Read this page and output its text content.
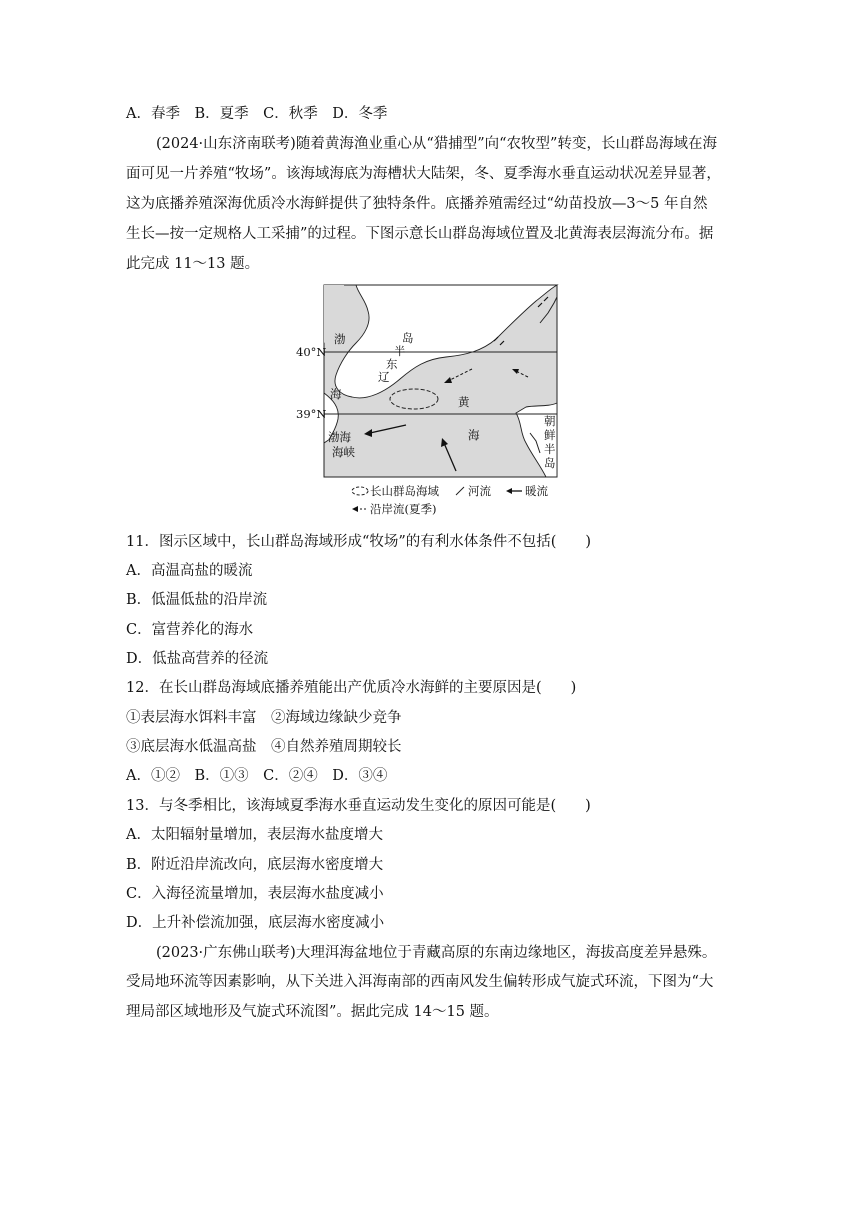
A．春季　B．夏季　C．秋季　D．冬季
(2024·山东济南联考)随着黄海渔业重心从“猎捕型”向“农牧型”转变，长山群岛海域在海
面可见一片养殖“牧场”。该海域海底为海槽状大陆架，冬、夏季海水垂直运动状况差异显著，
这为底播养殖深海优质冷水海鲜提供了独特条件。底播养殖需经过“幼苗投放—3～5 年自然
生长—按一定规格人工采捕”的过程。下图示意长山群岛海域位置及北黄海表层海流分布。据
此完成 11～13 题。
40°N
39°N
渤
海
辽
东
半
岛
黄
海
渤海
海峡
朝
鲜
半
岛
长山群岛海域	河流	暖流
沿岸流(夏季)
11．图示区域中，长山群岛海域形成“牧场”的有利水体条件不包括(　　)
A．高温高盐的暖流
B．低温低盐的沿岸流
C．富营养化的海水
D．低盐高营养的径流
12．在长山群岛海域底播养殖能出产优质冷水海鲜的主要原因是(　　)
①表层海水饵料丰富　②海域边缘缺少竞争
③底层海水低温高盐　④自然养殖周期较长
A．①②　B．①③　C．②④　D．③④
13．与冬季相比，该海域夏季海水垂直运动发生变化的原因可能是(　　)
A．太阳辐射量增加，表层海水盐度增大
B．附近沿岸流改向，底层海水密度增大
C．入海径流量增加，表层海水盐度减小
D．上升补偿流加强，底层海水密度减小
(2023·广东佛山联考)大理洱海盆地位于青藏高原的东南边缘地区，海拔高度差异悬殊。
受局地环流等因素影响，从下关进入洱海南部的西南风发生偏转形成气旋式环流，下图为“大
理局部区域地形及气旋式环流图”。据此完成 14～15 题。
